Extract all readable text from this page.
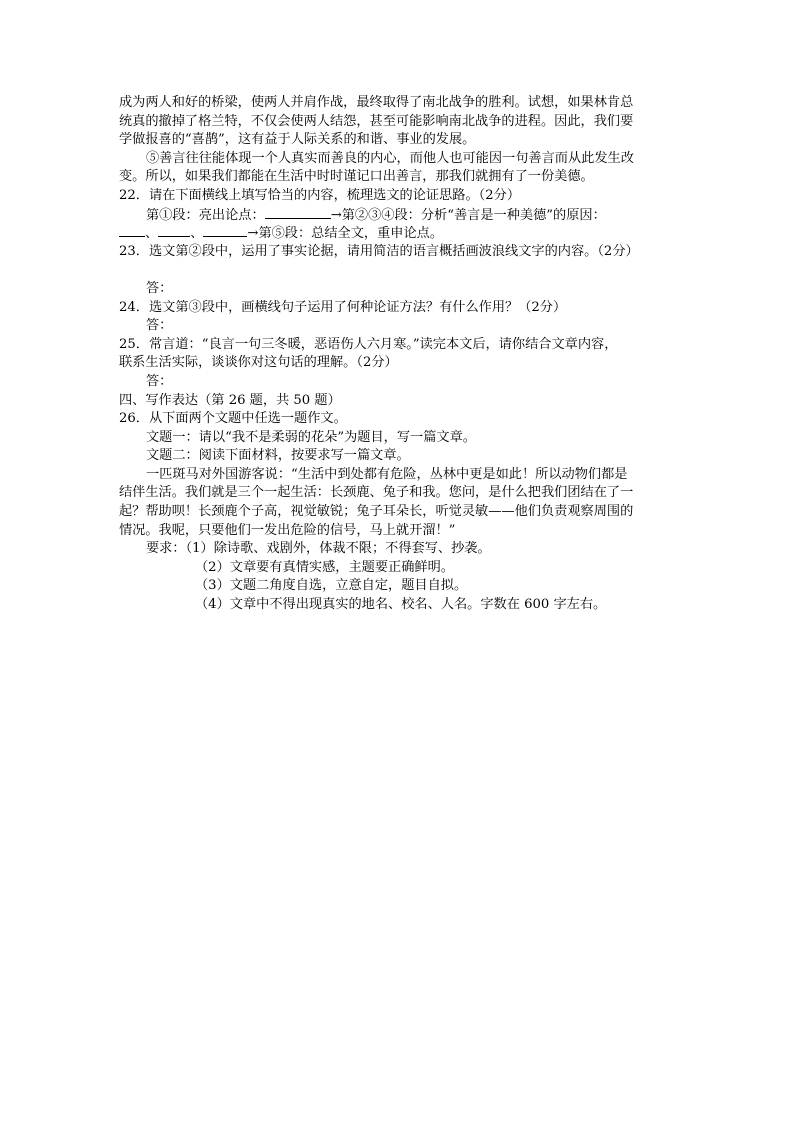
成为两人和好的桥梁，使两人并肩作战，最终取得了南北战争的胜利。试想，如果林肯总
统真的撤掉了格兰特，不仅会使两人结怨，甚至可能影响南北战争的进程。因此，我们要
学做报喜的“喜鹊”，这有益于人际关系的和谐、事业的发展。
⑤善言往往能体现一个人真实而善良的内心，而他人也可能因一句善言而从此发生改
变。所以，如果我们都能在生活中时时谨记口出善言，那我们就拥有了一份美德。
22．请在下面横线上填写恰当的内容，梳理选文的论证思路。（2分）
第①段：亮出论点：	→第②③④段：分析“善言是一种美德”的原因：
、 、	→第⑤段：总结全文，重申论点。
23．选文第②段中，运用了事实论据，请用简洁的语言概括画波浪线文字的内容。（2分）
答：
24．选文第③段中，画横线句子运用了何种论证方法？有什么作用？（2分）
答：
25．常言道：“良言一句三冬暖，恶语伤人六月寒。”读完本文后，请你结合文章内容，
联系生活实际，谈谈你对这句话的理解。（2分）
答：
四、写作表达（第 26 题，共 50 题）
26．从下面两个文题中任选一题作文。
文题一：请以“我不是柔弱的花朵”为题目，写一篇文章。
文题二：阅读下面材料，按要求写一篇文章。
一匹斑马对外国游客说：“生活中到处都有危险，丛林中更是如此！所以动物们都是
结伴生活。我们就是三个一起生活：长颈鹿、兔子和我。您问，是什么把我们团结在了一
起？帮助呗！长颈鹿个子高，视觉敏锐；兔子耳朵长，听觉灵敏——他们负责观察周围的
情况。我呢，只要他们一发出危险的信号，马上就开溜！”
要求：（1）除诗歌、戏剧外，体裁不限；不得套写、抄袭。
（2）文章要有真情实感，主题要正确鲜明。
（3）文题二角度自选，立意自定，题目自拟。
（4）文章中不得出现真实的地名、校名、人名。字数在 600 字左右。
